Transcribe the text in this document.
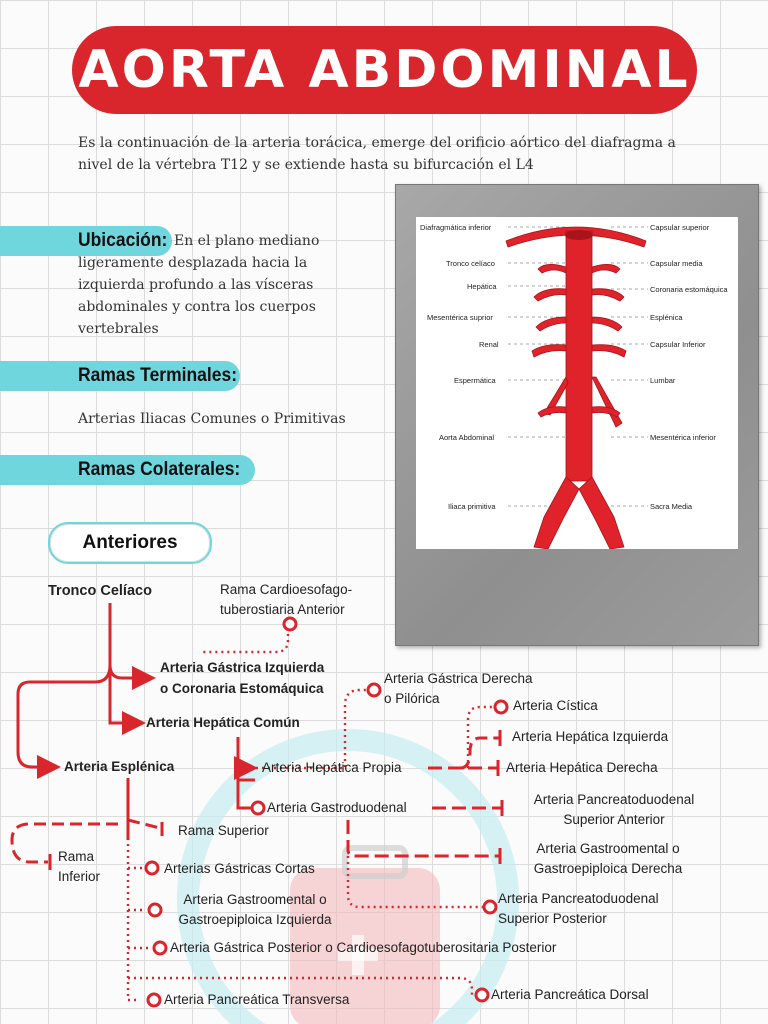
AORTA ABDOMINAL
Es la continuación de la arteria torácica, emerge del orificio aórtico del diafragma a nivel de la vértebra T12 y se extiende hasta su bifurcación el L4
Ubicación: En el plano mediano ligeramente desplazada hacia la izquierda profundo a las vísceras abdominales y contra los cuerpos vertebrales
Ramas Terminales:
Arterias Iliacas Comunes o Primitivas
Ramas Colaterales:
Diafragmática inferior
Tronco celíaco
Hepática
Mesentérica suprior
Renal
Espermática
Aorta Abdominal
Iliaca primitiva
Capsular superior
Capsular media
Coronaria estomáquica
Esplénica
Capsular Inferior
Lumbar
Mesentérica inferior
Sacra Media
Anteriores
Tronco Celíaco	Rama Cardioesofago-
tuberostiaria Anterior
Arteria Gástrica Izquierda
o Coronaria Estomáquica
Arteria Hepática Común
Arteria Esplénica
Arteria Gástrica Derecha
o Pilórica	Arteria Cística
Arteria Hepática Izquierda
Arteria Hepática Propia	Arteria Hepática Derecha
Arteria Gastroduodenal
Arteria Pancreatoduodenal
Superior Anterior
Arteria Gastroomental o
Gastroepiploica Derecha
Arteria Pancreatoduodenal
Superior Posterior
Rama Superior
Rama
Inferior
Arterias Gástricas Cortas
Arteria Gastroomental o
Gastroepiploica Izquierda
Arteria Gástrica Posterior o Cardioesofagotuberositaria Posterior
Arteria Pancreática Dorsal
Arteria Pancreática Transversa
